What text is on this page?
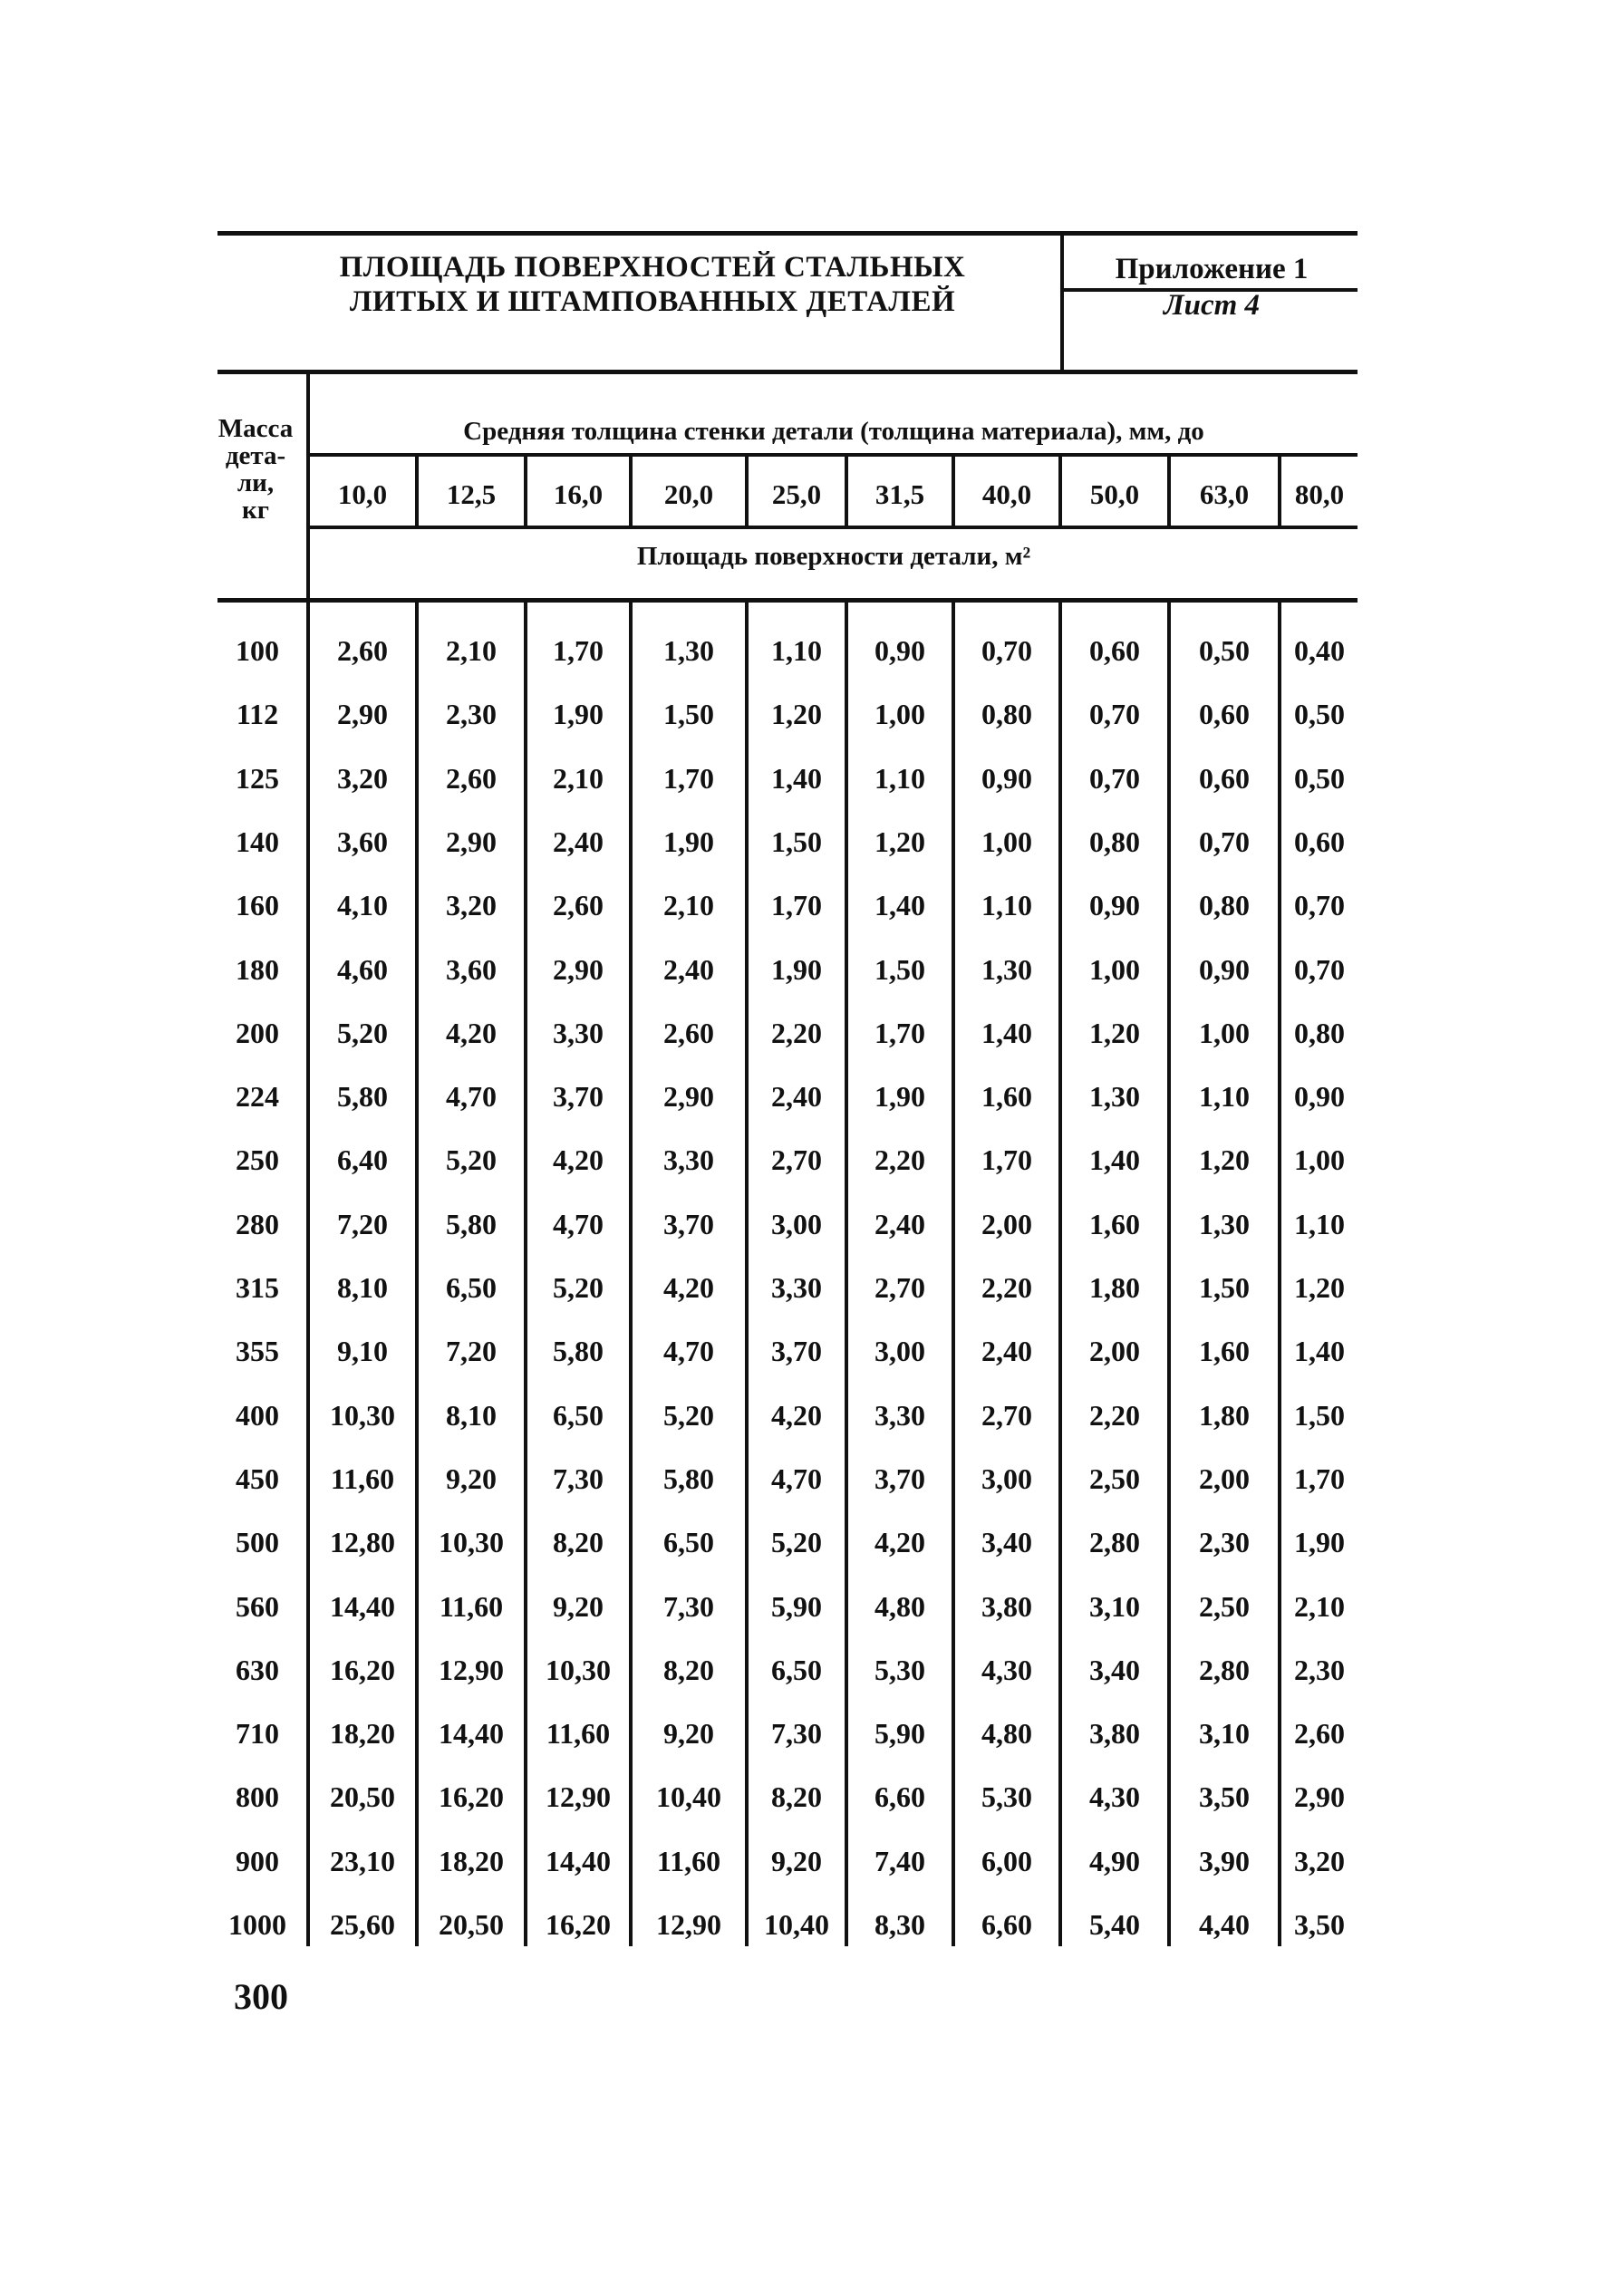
ПЛОЩАДЬ ПОВЕРХНОСТЕЙ СТАЛЬНЫХ
ЛИТЫХ И ШТАМПОВАННЫХ ДЕТАЛЕЙ
Приложение 1
Лист 4
Масса
дета-
ли,
кг
Средняя толщина стенки детали (толщина материала), мм, до
10,0	12,5	16,0	20,0	25,0	31,5	40,0	50,0	63,0	80,0
Площадь поверхности детали, м²
100	2,60	2,10	1,70	1,30	1,10	0,90	0,70	0,60	0,50	0,40
112	2,90	2,30	1,90	1,50	1,20	1,00	0,80	0,70	0,60	0,50
125	3,20	2,60	2,10	1,70	1,40	1,10	0,90	0,70	0,60	0,50
140	3,60	2,90	2,40	1,90	1,50	1,20	1,00	0,80	0,70	0,60
160	4,10	3,20	2,60	2,10	1,70	1,40	1,10	0,90	0,80	0,70
180	4,60	3,60	2,90	2,40	1,90	1,50	1,30	1,00	0,90	0,70
200	5,20	4,20	3,30	2,60	2,20	1,70	1,40	1,20	1,00	0,80
224	5,80	4,70	3,70	2,90	2,40	1,90	1,60	1,30	1,10	0,90
250	6,40	5,20	4,20	3,30	2,70	2,20	1,70	1,40	1,20	1,00
280	7,20	5,80	4,70	3,70	3,00	2,40	2,00	1,60	1,30	1,10
315	8,10	6,50	5,20	4,20	3,30	2,70	2,20	1,80	1,50	1,20
355	9,10	7,20	5,80	4,70	3,70	3,00	2,40	2,00	1,60	1,40
400	10,30	8,10	6,50	5,20	4,20	3,30	2,70	2,20	1,80	1,50
450	11,60	9,20	7,30	5,80	4,70	3,70	3,00	2,50	2,00	1,70
500	12,80	10,30	8,20	6,50	5,20	4,20	3,40	2,80	2,30	1,90
560	14,40	11,60	9,20	7,30	5,90	4,80	3,80	3,10	2,50	2,10
630	16,20	12,90	10,30	8,20	6,50	5,30	4,30	3,40	2,80	2,30
710	18,20	14,40	11,60	9,20	7,30	5,90	4,80	3,80	3,10	2,60
800	20,50	16,20	12,90	10,40	8,20	6,60	5,30	4,30	3,50	2,90
900	23,10	18,20	14,40	11,60	9,20	7,40	6,00	4,90	3,90	3,20
1000	25,60	20,50	16,20	12,90	10,40	8,30	6,60	5,40	4,40	3,50
300
